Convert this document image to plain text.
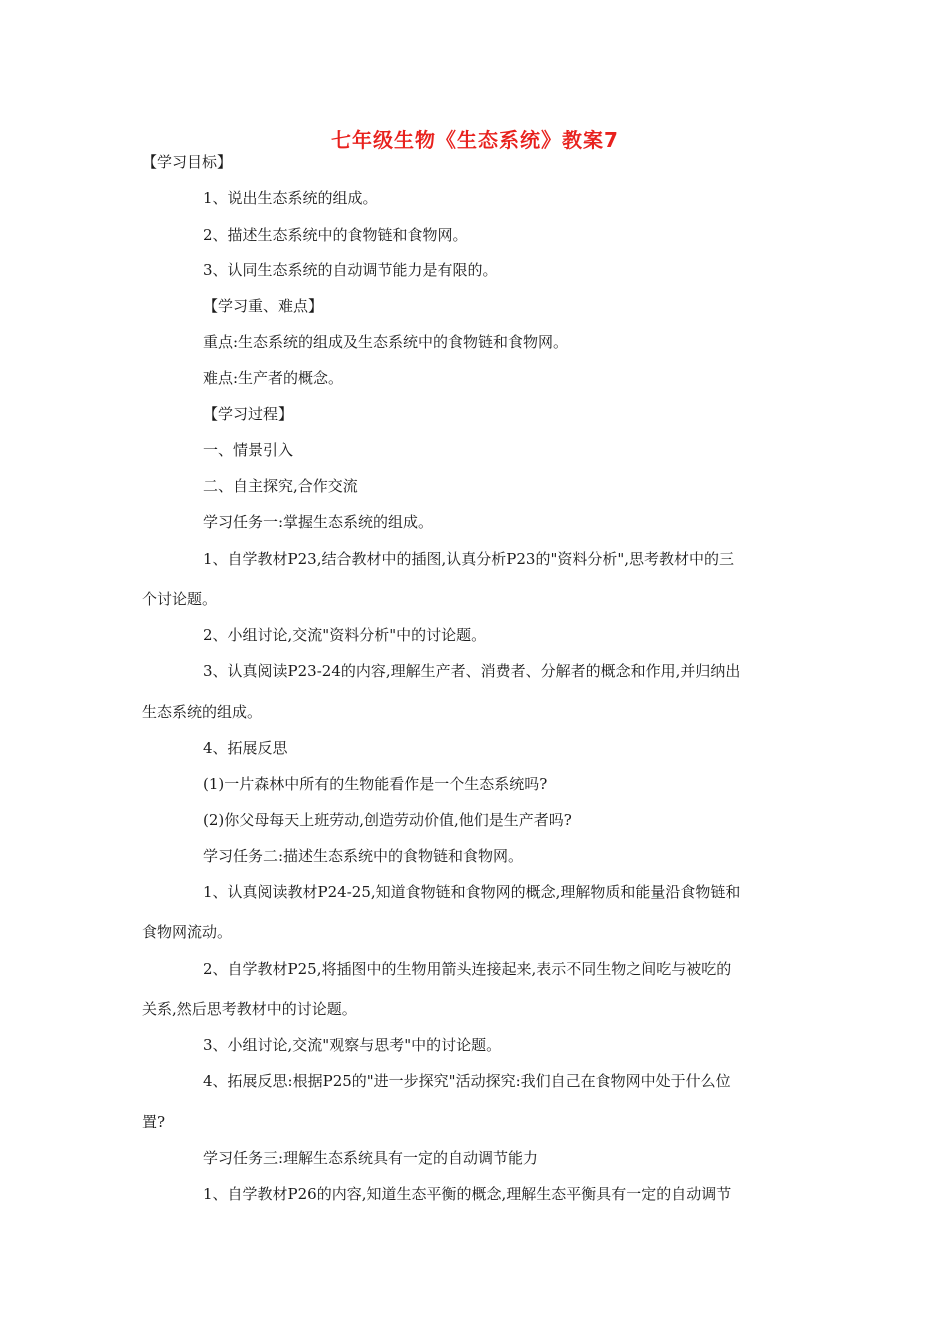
七年级生物《生态系统》教案7
【学习目标】
1、说出生态系统的组成。
2、描述生态系统中的食物链和食物网。
3、认同生态系统的自动调节能力是有限的。
【学习重、难点】
重点:生态系统的组成及生态系统中的食物链和食物网。
难点:生产者的概念。
【学习过程】
一、情景引入
二、自主探究,合作交流
学习任务一:掌握生态系统的组成。
1、自学教材P23,结合教材中的插图,认真分析P23的"资料分析",思考教材中的三
个讨论题。
2、小组讨论,交流"资料分析"中的讨论题。
3、认真阅读P23-24的内容,理解生产者、消费者、分解者的概念和作用,并归纳出
生态系统的组成。
4、拓展反思
(1)一片森林中所有的生物能看作是一个生态系统吗?
(2)你父母每天上班劳动,创造劳动价值,他们是生产者吗?
学习任务二:描述生态系统中的食物链和食物网。
1、认真阅读教材P24-25,知道食物链和食物网的概念,理解物质和能量沿食物链和
食物网流动。
2、自学教材P25,将插图中的生物用箭头连接起来,表示不同生物之间吃与被吃的
关系,然后思考教材中的讨论题。
3、小组讨论,交流"观察与思考"中的讨论题。
4、拓展反思:根据P25的"进一步探究"活动探究:我们自己在食物网中处于什么位
置?
学习任务三:理解生态系统具有一定的自动调节能力
1、自学教材P26的内容,知道生态平衡的概念,理解生态平衡具有一定的自动调节
